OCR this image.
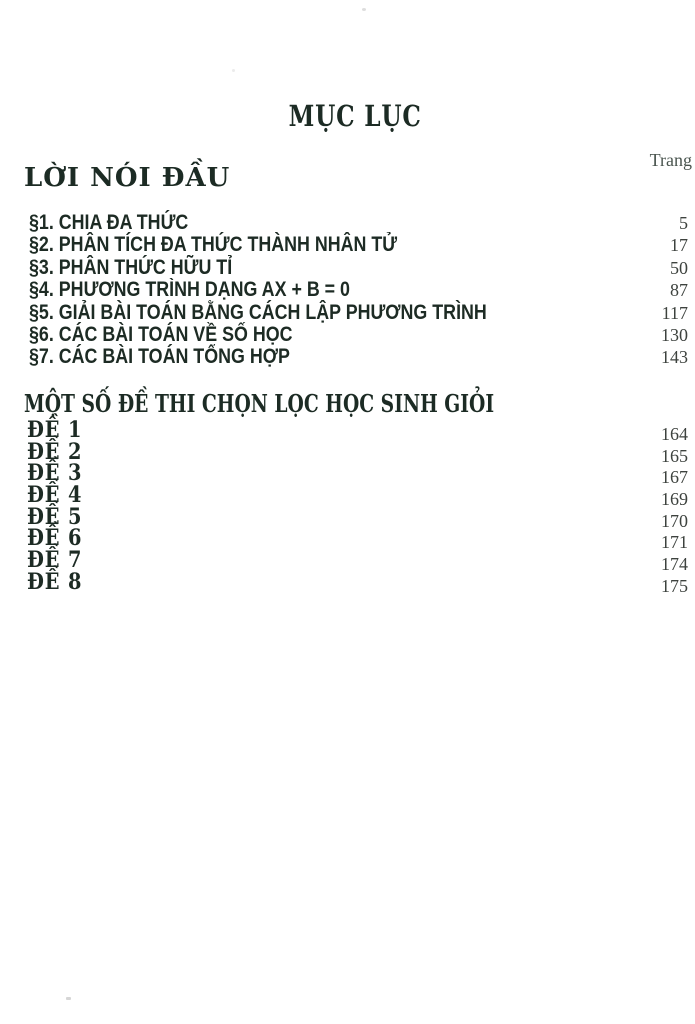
MỤC LỤC
Trang
LỜI NÓI ĐẦU
§1. CHIA ĐA THỨC	5
§2. PHÂN TÍCH ĐA THỨC THÀNH NHÂN TỬ	17
§3. PHÂN THỨC HỮU TỈ	50
§4. PHƯƠNG TRÌNH DẠNG AX + B = 0	87
§5. GIẢI BÀI TOÁN BẰNG CÁCH LẬP PHƯƠNG TRÌNH	117
§6. CÁC BÀI TOÁN VỀ SỐ HỌC	130
§7. CÁC BÀI TOÁN TỔNG HỢP	143
MỘT SỐ ĐỀ THI CHỌN LỌC HỌC SINH GIỎI
ĐỀ 1	164
ĐỀ 2	165
ĐỀ 3	167
ĐỀ 4	169
ĐỀ 5	170
ĐỀ 6	171
ĐỀ 7	174
ĐỀ 8	175
